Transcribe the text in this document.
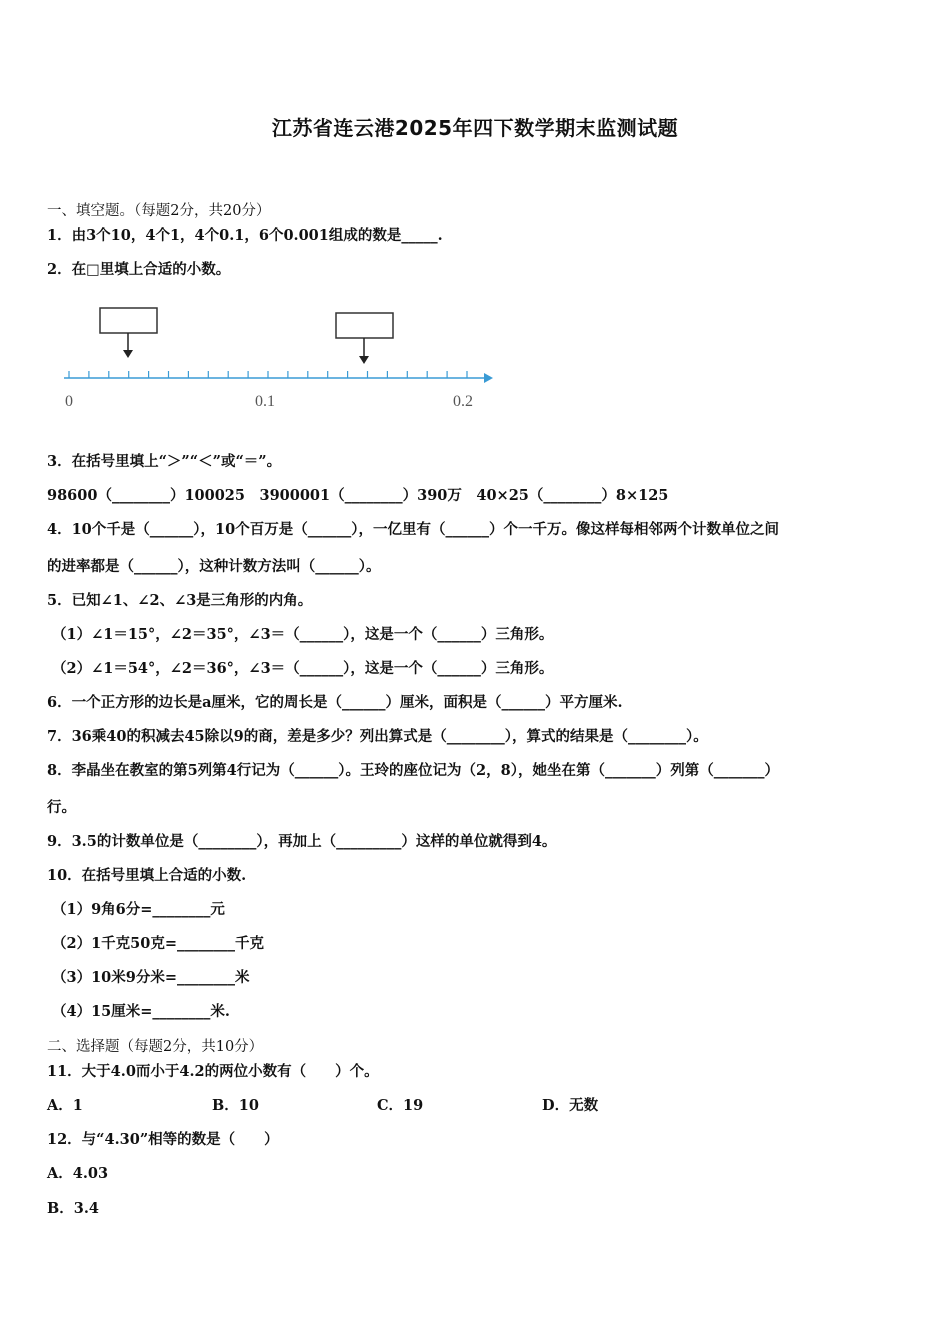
江苏省连云港2025年四下数学期末监测试题
一、填空题。（每题2分，共20分）
1．由3个10，4个1，4个0.1，6个0.001组成的数是_____.
2．在□里填上合适的小数。
0	0.1	0.2
3．在括号里填上“＞”“＜”或“＝”。
98600（________）100025　3900001（________）390万　40×25（________）8×125
4．10个千是（______），10个百万是（______），一亿里有（______）个一千万。像这样每相邻两个计数单位之间
的进率都是（______），这种计数方法叫（______）。
5．已知∠1、∠2、∠3是三角形的内角。
（1）∠1＝15°，∠2＝35°，∠3＝（______），这是一个（______）三角形。
（2）∠1＝54°，∠2＝36°，∠3＝（______），这是一个（______）三角形。
6．一个正方形的边长是a厘米，它的周长是（______）厘米，面积是（______）平方厘米.
7．36乘40的积减去45除以9的商，差是多少？列出算式是（________），算式的结果是（________）。
8．李晶坐在教室的第5列第4行记为（______）。王玲的座位记为（2，8），她坐在第（_______）列第（_______）
行。
9．3.5的计数单位是（________），再加上（_________）这样的单位就得到4。
10．在括号里填上合适的小数.
（1）9角6分=________元
（2）1千克50克=________千克
（3）10米9分米=________米
（4）15厘米=________米.
二、选择题（每题2分，共10分）
11．大于4.0而小于4.2的两位小数有（　　）个。
A．1	B．10	C．19	D．无数
12．与“4.30”相等的数是（　　）
A．4.03
B．3.4
